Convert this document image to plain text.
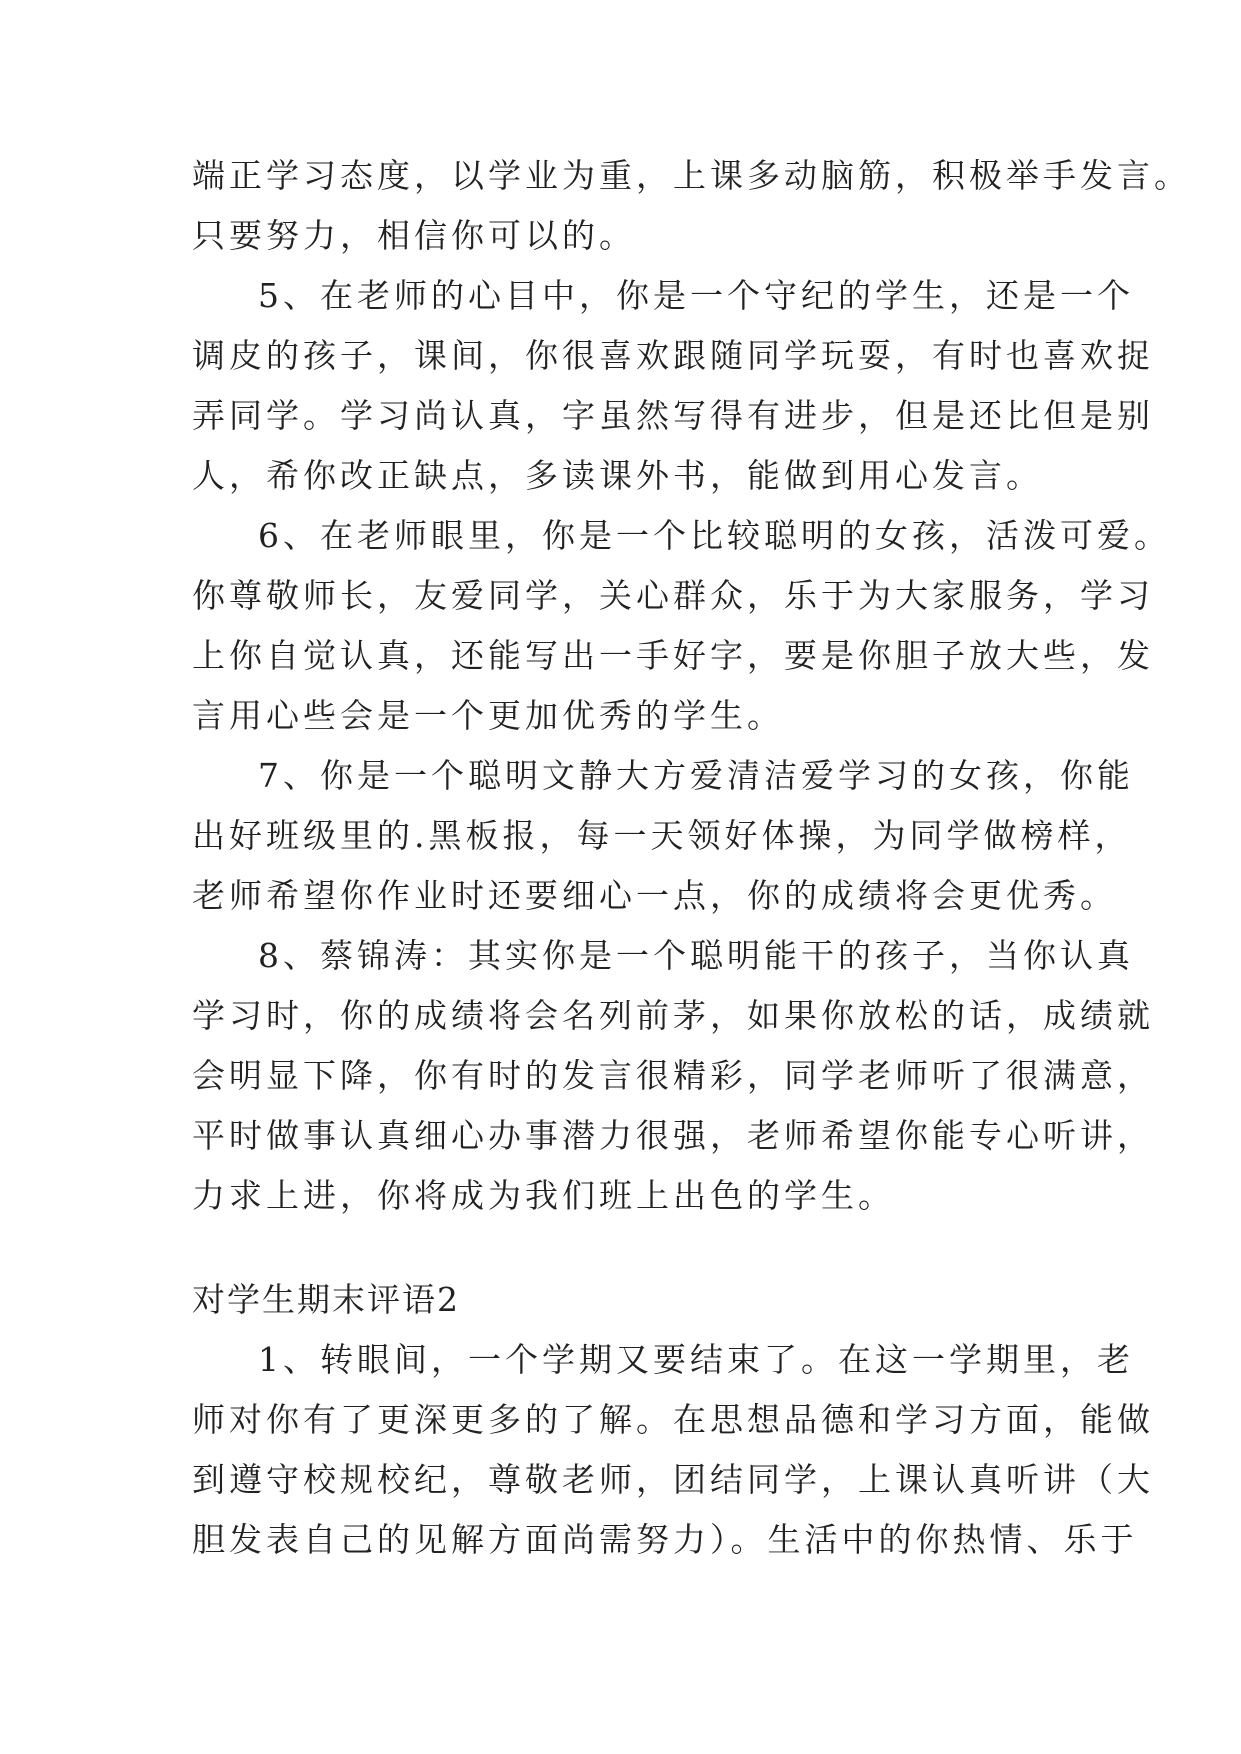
端正学习态度，以学业为重，上课多动脑筋，积极举手发言。
只要努力，相信你可以的。
5、在老师的心目中，你是一个守纪的学生，还是一个
调皮的孩子，课间，你很喜欢跟随同学玩耍，有时也喜欢捉
弄同学。学习尚认真，字虽然写得有进步，但是还比但是别
人，希你改正缺点，多读课外书，能做到用心发言。
6、在老师眼里，你是一个比较聪明的女孩，活泼可爱。
你尊敬师长，友爱同学，关心群众，乐于为大家服务，学习
上你自觉认真，还能写出一手好字，要是你胆子放大些，发
言用心些会是一个更加优秀的学生。
7、你是一个聪明文静大方爱清洁爱学习的女孩，你能
出好班级里的.黑板报，每一天领好体操，为同学做榜样，
老师希望你作业时还要细心一点，你的成绩将会更优秀。
8、蔡锦涛：其实你是一个聪明能干的孩子，当你认真
学习时，你的成绩将会名列前茅，如果你放松的话，成绩就
会明显下降，你有时的发言很精彩，同学老师听了很满意，
平时做事认真细心办事潜力很强，老师希望你能专心听讲，
力求上进，你将成为我们班上出色的学生。
对学生期末评语2
1、转眼间，一个学期又要结束了。在这一学期里，老
师对你有了更深更多的了解。在思想品德和学习方面，能做
到遵守校规校纪，尊敬老师，团结同学，上课认真听讲（大
胆发表自己的见解方面尚需努力）。生活中的你热情、乐于
